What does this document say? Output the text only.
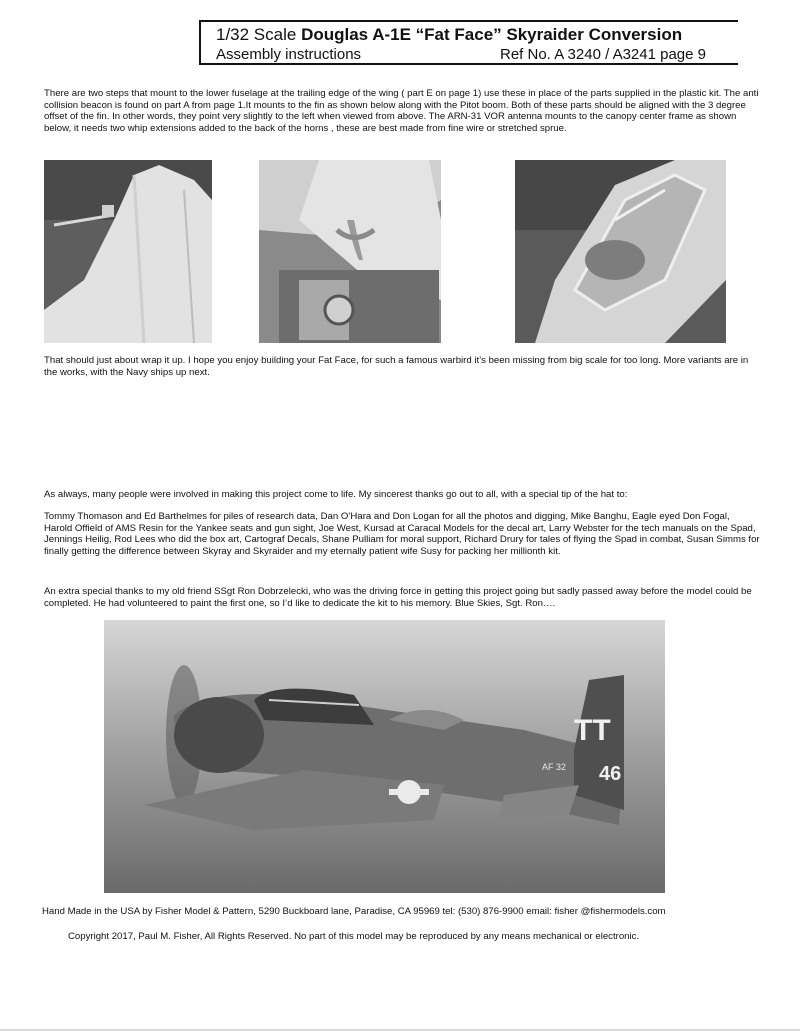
1/32 Scale Douglas A-1E “Fat Face” Skyraider Conversion
Assembly instructions	Ref No. A 3240 / A3241 page 9

There are two steps that mount to the lower fuselage at the trailing edge of the wing ( part E on page 1) use these in place of the parts supplied in the plastic kit. The anti collision beacon is found on part A from page 1.It mounts to the fin as shown below along with the Pitot boom. Both of these parts should be aligned with the 3 degree offset of the fin. In other words, they point very slightly to the left when viewed from above. The ARN-31 VOR antenna mounts to the canopy center frame as shown below, it needs two whip extensions added to the back of the horns , these are best made from fine wire or stretched sprue.

That should just about wrap it up. I hope you enjoy building your Fat Face, for such a famous warbird it’s been missing from big scale for too long. More variants are in the works, with the Navy ships up next.

As always, many people were involved in making this project come to life. My sincerest thanks go out to all, with a special tip of the hat to:

Tommy Thomason and Ed Barthelmes for piles of research data, Dan O’Hara and Don Logan for all the photos and digging, Mike Banghu, Eagle eyed Don Fogal, Harold Offield of AMS Resin for the Yankee seats and gun sight, Joe West, Kursad at Caracal Models for the decal art, Larry Webster for the tech manuals on the Spad, Jennings Heilig, Rod Lees who did the box art, Cartograf Decals, Shane Pulliam for moral support, Richard Drury for tales of flying the Spad in combat, Susan Simms for finally getting the difference between Skyray and Skyraider and my eternally patient wife Susy for packing her millionth kit.

An extra special thanks to my old friend SSgt Ron Dobrzelecki, who was the driving force in getting this project going but sadly passed away before the model could be completed. He had volunteered to paint the first one, so I’d like to dedicate the kit to his memory. Blue Skies, Sgt. Ron….

TT
AF 32 46
Hand Made in the USA by Fisher Model & Pattern, 5290 Buckboard lane, Paradise, CA 95969 tel: (530) 876-9900 email: fisher @fishermodels.com
Copyright 2017, Paul M. Fisher, All Rights Reserved. No part of this model may be reproduced by any means mechanical or electronic.
